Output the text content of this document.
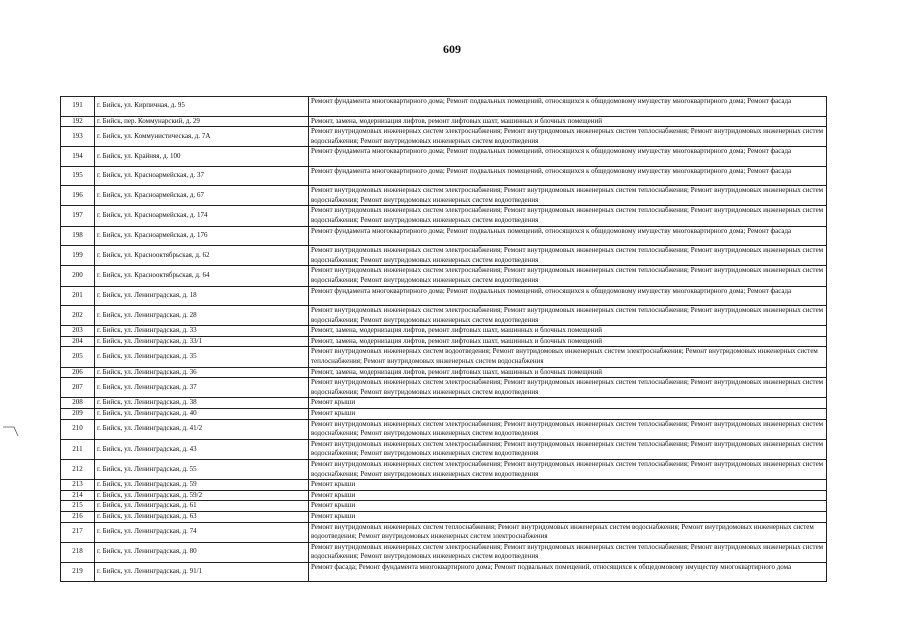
609
191	г. Бийск, ул. Кирпичная, д. 95	Ремонт фундамента многоквартирного дома; Ремонт подвальных помещений, относящихся к общедомовому имуществу многоквартирного дома; Ремонт фасада
192	г. Бийск, пер. Коммунарский, д. 29	Ремонт, замена, модернизация лифтов, ремонт лифтовых шахт, машинных и блочных помещений
193	г. Бийск, ул. Коммунистическая, д. 7А	Ремонт внутридомовых инженерных систем электроснабжения; Ремонт внутридомовых инженерных систем теплоснабжения; Ремонт внутридомовых инженерных систем водоснабжения; Ремонт внутридомовых инженерных систем водоотведения
194	г. Бийск, ул. Крайняя, д. 100	Ремонт фундамента многоквартирного дома; Ремонт подвальных помещений, относящихся к общедомовому имуществу многоквартирного дома; Ремонт фасада
195	г. Бийск, ул. Красноармейская, д. 37	Ремонт фундамента многоквартирного дома; Ремонт подвальных помещений, относящихся к общедомовому имуществу многоквартирного дома; Ремонт фасада
196	г. Бийск, ул. Красноармейская, д. 67	Ремонт внутридомовых инженерных систем электроснабжения; Ремонт внутридомовых инженерных систем теплоснабжения; Ремонт внутридомовых инженерных систем водоснабжения; Ремонт внутридомовых инженерных систем водоотведения
197	г. Бийск, ул. Красноармейская, д. 174	Ремонт внутридомовых инженерных систем электроснабжения; Ремонт внутридомовых инженерных систем теплоснабжения; Ремонт внутридомовых инженерных систем водоснабжения; Ремонт внутридомовых инженерных систем водоотведения
198	г. Бийск, ул. Красноармейская, д. 176	Ремонт фундамента многоквартирного дома; Ремонт подвальных помещений, относящихся к общедомовому имуществу многоквартирного дома; Ремонт фасада
199	г. Бийск, ул. Краснооктябрьская, д. 62	Ремонт внутридомовых инженерных систем электроснабжения; Ремонт внутридомовых инженерных систем теплоснабжения; Ремонт внутридомовых инженерных систем водоснабжения; Ремонт внутридомовых инженерных систем водоотведения
200	г. Бийск, ул. Краснооктябрьская, д. 64	Ремонт внутридомовых инженерных систем электроснабжения; Ремонт внутридомовых инженерных систем теплоснабжения; Ремонт внутридомовых инженерных систем водоснабжения; Ремонт внутридомовых инженерных систем водоотведения
201	г. Бийск, ул. Ленинградская, д. 18	Ремонт фундамента многоквартирного дома; Ремонт подвальных помещений, относящихся к общедомовому имуществу многоквартирного дома; Ремонт фасада
202	г. Бийск, ул. Ленинградская, д. 28	Ремонт внутридомовых инженерных систем электроснабжения; Ремонт внутридомовых инженерных систем теплоснабжения; Ремонт внутридомовых инженерных систем водоснабжения; Ремонт внутридомовых инженерных систем водоотведения
203	г. Бийск, ул. Ленинградская, д. 33	Ремонт, замена, модернизация лифтов, ремонт лифтовых шахт, машинных и блочных помещений
204	г. Бийск, ул. Ленинградская, д. 33/1	Ремонт, замена, модернизация лифтов, ремонт лифтовых шахт, машинных и блочных помещений
205	г. Бийск, ул. Ленинградская, д. 35	Ремонт внутридомовых инженерных систем водоотведения; Ремонт внутридомовых инженерных систем электроснабжения; Ремонт внутридомовых инженерных систем теплоснабжения; Ремонт внутридомовых инженерных систем водоснабжения
206	г. Бийск, ул. Ленинградская, д. 36	Ремонт, замена, модернизация лифтов, ремонт лифтовых шахт, машинных и блочных помещений
207	г. Бийск, ул. Ленинградская, д. 37	Ремонт внутридомовых инженерных систем электроснабжения; Ремонт внутридомовых инженерных систем теплоснабжения; Ремонт внутридомовых инженерных систем водоснабжения; Ремонт внутридомовых инженерных систем водоотведения
208	г. Бийск, ул. Ленинградская, д. 38	Ремонт крыши
209	г. Бийск, ул. Ленинградская, д. 40	Ремонт крыши
210	г. Бийск, ул. Ленинградская, д. 41/2	Ремонт внутридомовых инженерных систем электроснабжения; Ремонт внутридомовых инженерных систем теплоснабжения; Ремонт внутридомовых инженерных систем водоснабжения; Ремонт внутридомовых инженерных систем водоотведения
211	г. Бийск, ул. Ленинградская, д. 43	Ремонт внутридомовых инженерных систем электроснабжения; Ремонт внутридомовых инженерных систем теплоснабжения; Ремонт внутридомовых инженерных систем водоснабжения; Ремонт внутридомовых инженерных систем водоотведения
212	г. Бийск, ул. Ленинградская, д. 55	Ремонт внутридомовых инженерных систем электроснабжения; Ремонт внутридомовых инженерных систем теплоснабжения; Ремонт внутридомовых инженерных систем водоснабжения; Ремонт внутридомовых инженерных систем водоотведения
213	г. Бийск, ул. Ленинградская, д. 59	Ремонт крыши
214	г. Бийск, ул. Ленинградская, д. 59/2	Ремонт крыши
215	г. Бийск, ул. Ленинградская, д. 61	Ремонт крыши
216	г. Бийск, ул. Ленинградская, д. 63	Ремонт крыши
217	г. Бийск, ул. Ленинградская, д. 74	Ремонт внутридомовых инженерных систем теплоснабжения; Ремонт внутридомовых инженерных систем водоснабжения; Ремонт внутридомовых инженерных систем водоотведения; Ремонт внутридомовых инженерных систем электроснабжения
218	г. Бийск, ул. Ленинградская, д. 80	Ремонт внутридомовых инженерных систем электроснабжения; Ремонт внутридомовых инженерных систем теплоснабжения; Ремонт внутридомовых инженерных систем водоснабжения; Ремонт внутридомовых инженерных систем водоотведения
219	г. Бийск, ул. Ленинградская, д. 91/1	Ремонт фасада; Ремонт фундамента многоквартирного дома; Ремонт подвальных помещений, относящихся к общедомовому имуществу многоквартирного дома
